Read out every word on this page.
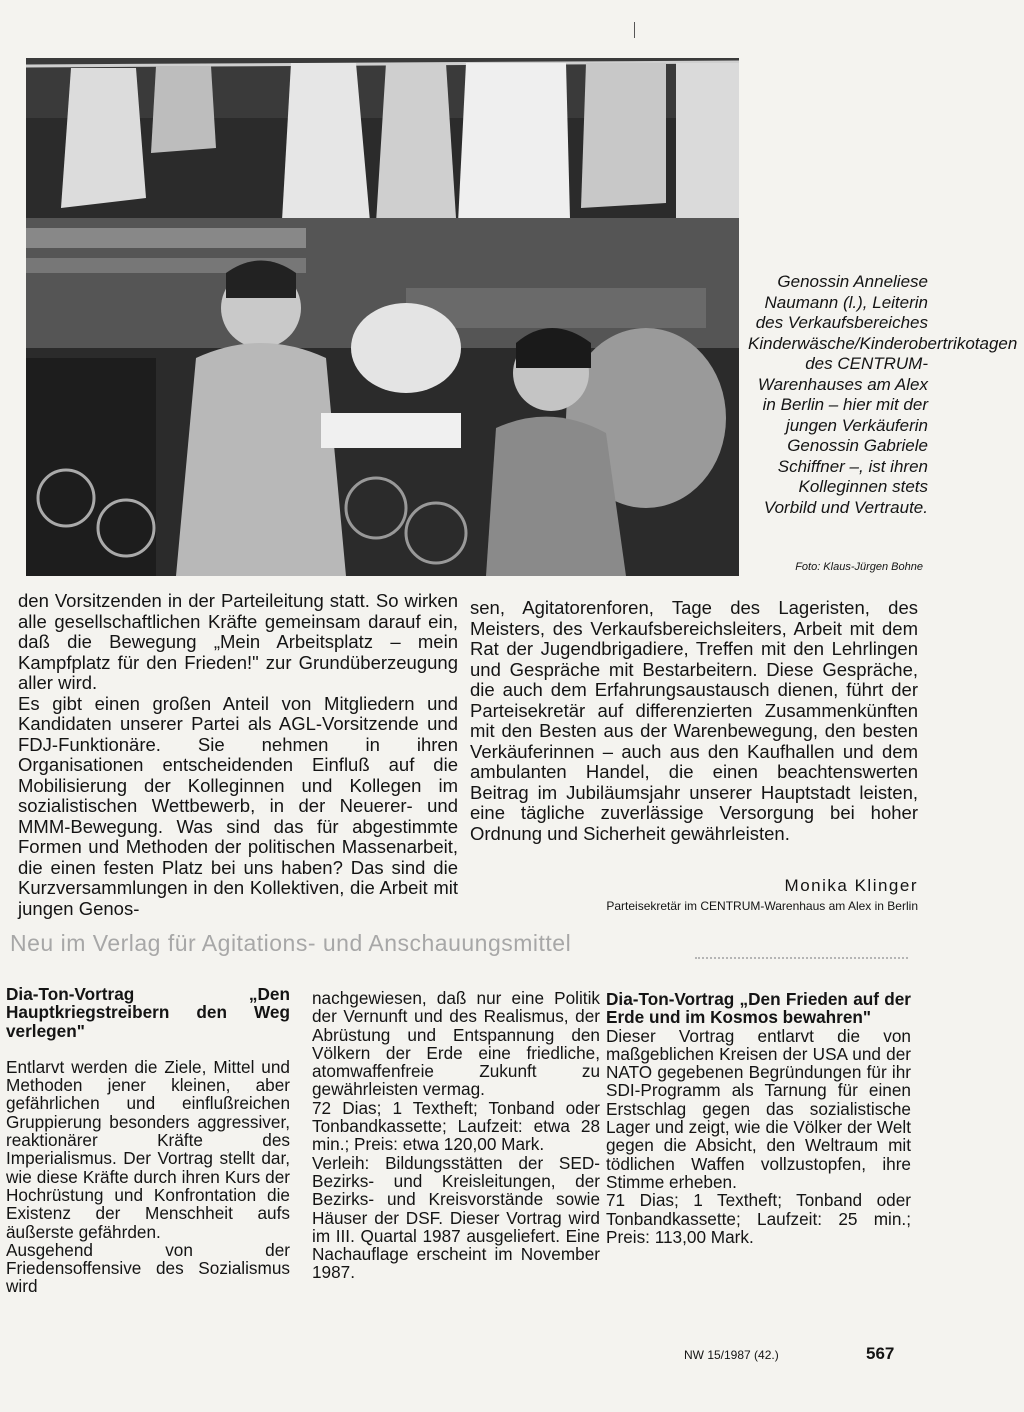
Genossin Anneliese Naumann (l.), Leiterin des Verkaufsbereiches Kinderwäsche/Kinderobertrikotagen des CENTRUM-Warenhauses am Alex in Berlin – hier mit der jungen Verkäuferin Genossin Gabriele Schiffner –, ist ihren Kolleginnen stets Vorbild und Vertraute.
Foto: Klaus-Jürgen Bohne

den Vorsitzenden in der Parteileitung statt. So wirken alle gesellschaftlichen Kräfte gemeinsam darauf ein, daß die Bewegung „Mein Arbeitsplatz – mein Kampfplatz für den Frieden!" zur Grundüberzeugung aller wird.

Es gibt einen großen Anteil von Mitgliedern und Kandidaten unserer Partei als AGL-Vorsitzende und FDJ-Funktionäre. Sie nehmen in ihren Organisationen entscheidenden Einfluß auf die Mobilisierung der Kolleginnen und Kollegen im sozialistischen Wettbewerb, in der Neuerer- und MMM-Bewegung. Was sind das für abgestimmte Formen und Methoden der politischen Massenarbeit, die einen festen Platz bei uns haben? Das sind die Kurzversammlungen in den Kollektiven, die Arbeit mit jungen Genos-

sen, Agitatorenforen, Tage des Lageristen, des Meisters, des Verkaufsbereichsleiters, Arbeit mit dem Rat der Jugendbrigadiere, Treffen mit den Lehrlingen und Gespräche mit Bestarbeitern. Diese Gespräche, die auch dem Erfahrungsaustausch dienen, führt der Parteisekretär auf differenzierten Zusammenkünften mit den Besten aus der Warenbewegung, den besten Verkäuferinnen – auch aus den Kaufhallen und dem ambulanten Handel, die einen beachtenswerten Beitrag im Jubiläumsjahr unserer Hauptstadt leisten, eine tägliche zuverlässige Versorgung bei hoher Ordnung und Sicherheit gewährleisten.

Monika Klinger
Parteisekretär im CENTRUM-Warenhaus am Alex in Berlin
Neu im Verlag für Agitations- und Anschauungsmittel

Dia-Ton-Vortrag „Den Hauptkriegstreibern den Weg verlegen"

Entlarvt werden die Ziele, Mittel und Methoden jener kleinen, aber gefährlichen und einflußreichen Gruppierung besonders aggressiver, reaktionärer Kräfte des Imperialismus. Der Vortrag stellt dar, wie diese Kräfte durch ihren Kurs der Hochrüstung und Konfrontation die Existenz der Menschheit aufs äußerste gefährden.

Ausgehend von der Friedensoffensive des Sozialismus wird

nachgewiesen, daß nur eine Politik der Vernunft und des Realismus, der Abrüstung und Entspannung den Völkern der Erde eine friedliche, atomwaffenfreie Zukunft zu gewährleisten vermag.

72 Dias; 1 Textheft; Tonband oder Tonbandkassette; Laufzeit: etwa 28 min.; Preis: etwa 120,00 Mark.

Verleih: Bildungsstätten der SED-Bezirks- und Kreisleitungen, der Bezirks- und Kreisvorstände sowie Häuser der DSF. Dieser Vortrag wird im III. Quartal 1987 ausgeliefert. Eine Nachauflage erscheint im November 1987.

Dia-Ton-Vortrag „Den Frieden auf der Erde und im Kosmos bewahren"

Dieser Vortrag entlarvt die von maßgeblichen Kreisen der USA und der NATO gegebenen Begründungen für ihr SDI-Programm als Tarnung für einen Erstschlag gegen das sozialistische Lager und zeigt, wie die Völker der Welt gegen die Absicht, den Weltraum mit tödlichen Waffen vollzustopfen, ihre Stimme erheben.

71 Dias; 1 Textheft; Tonband oder Tonbandkassette; Laufzeit: 25 min.; Preis: 113,00 Mark.

NW 15/1987 (42.)	567
